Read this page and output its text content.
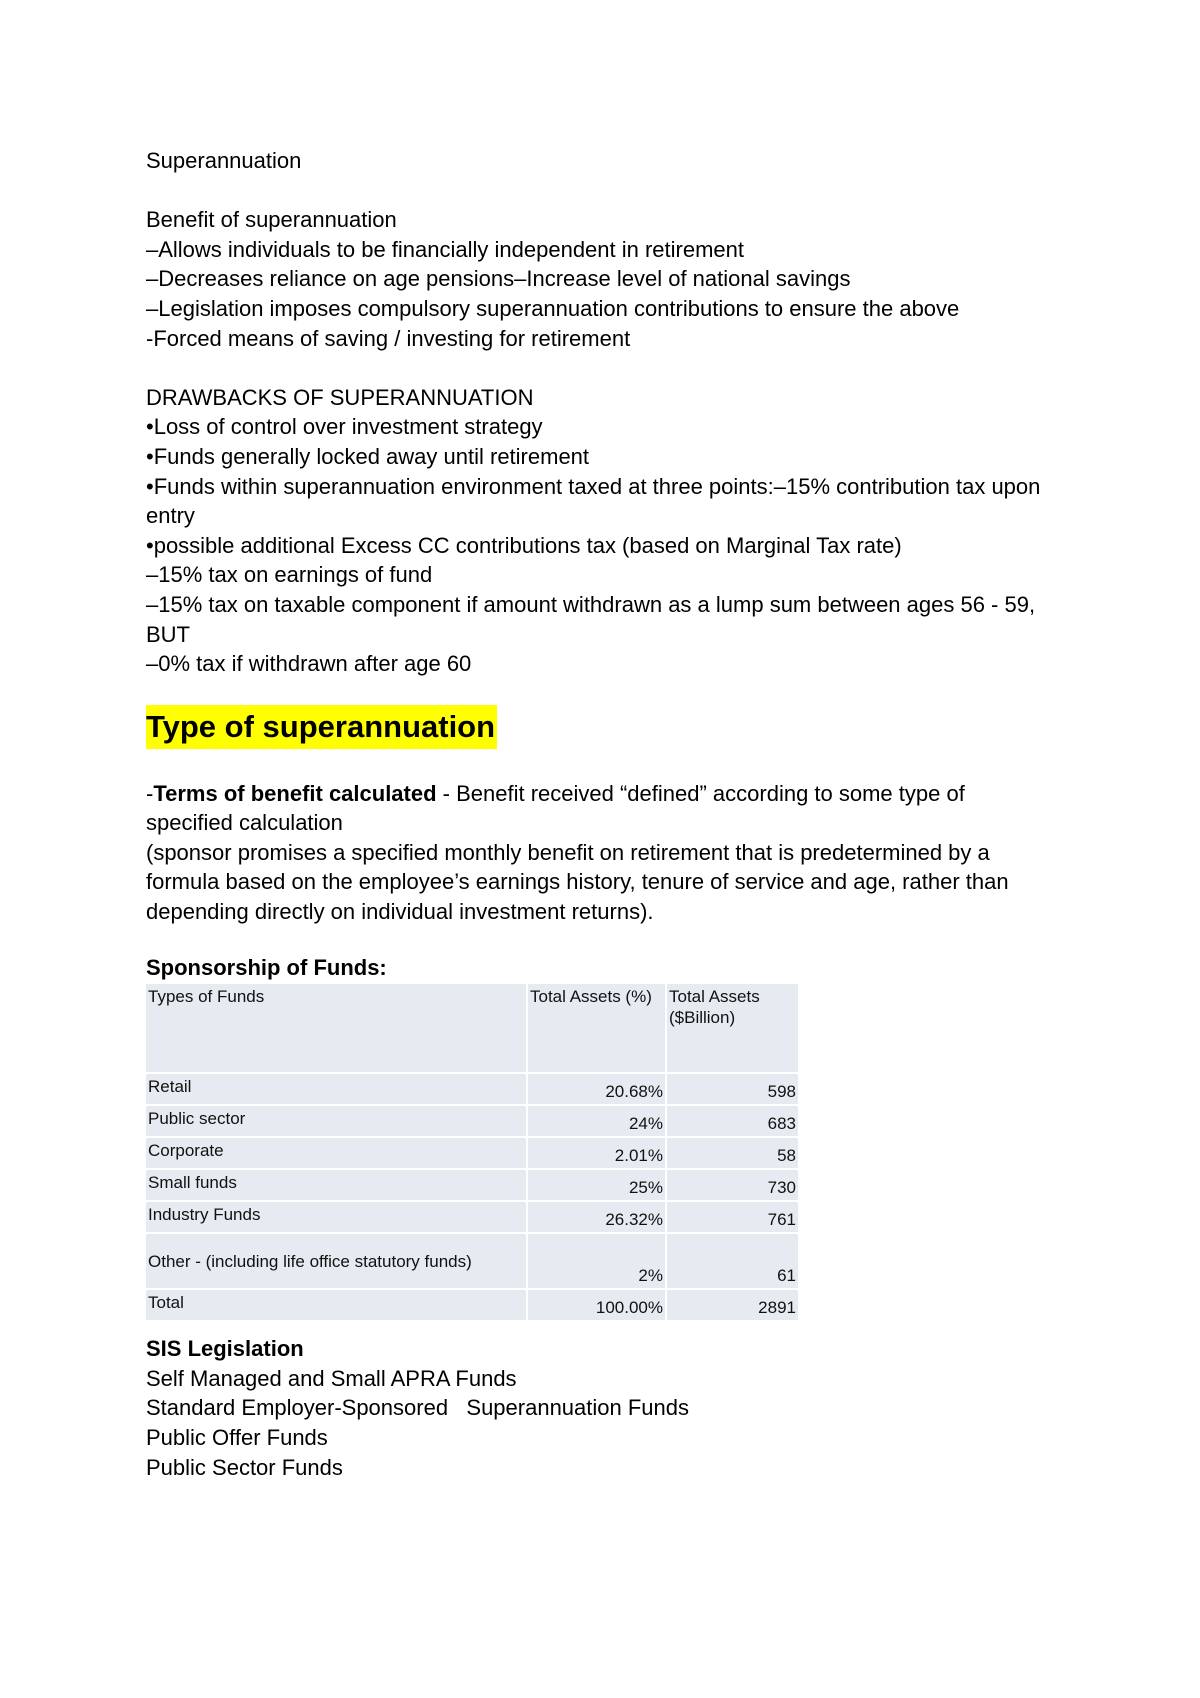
Superannuation
Benefit of superannuation
–Allows individuals to be financially independent in retirement
–Decreases reliance on age pensions–Increase level of national savings
–Legislation imposes compulsory superannuation contributions to ensure the above
-Forced means of saving / investing for retirement
DRAWBACKS OF SUPERANNUATION
•Loss of control over investment strategy
•Funds generally locked away until retirement
•Funds within superannuation environment taxed at three points:–15% contribution tax upon entry
•possible additional Excess CC contributions tax (based on Marginal Tax rate)
–15% tax on earnings of fund
–15% tax on taxable component if amount withdrawn as a lump sum between ages 56 - 59, BUT
–0% tax if withdrawn after age 60
Type of superannuation
-Terms of benefit calculated - Benefit received “defined” according to some type of specified calculation
(sponsor promises a specified monthly benefit on retirement that is predetermined by a formula based on the employee’s earnings history, tenure of service and age, rather than depending directly on individual investment returns).
Sponsorship of Funds:
Types of Funds	Total Assets (%)	Total Assets ($Billion)
Retail	20.68%	598
Public sector	24%	683
Corporate	2.01%	58
Small funds	25%	730
Industry Funds	26.32%	761
Other - (including life office statutory funds)	2%	61
Total	100.00%	2891
SIS Legislation
Self Managed and Small APRA Funds
Standard Employer-Sponsored   Superannuation Funds
Public Offer Funds
Public Sector Funds
